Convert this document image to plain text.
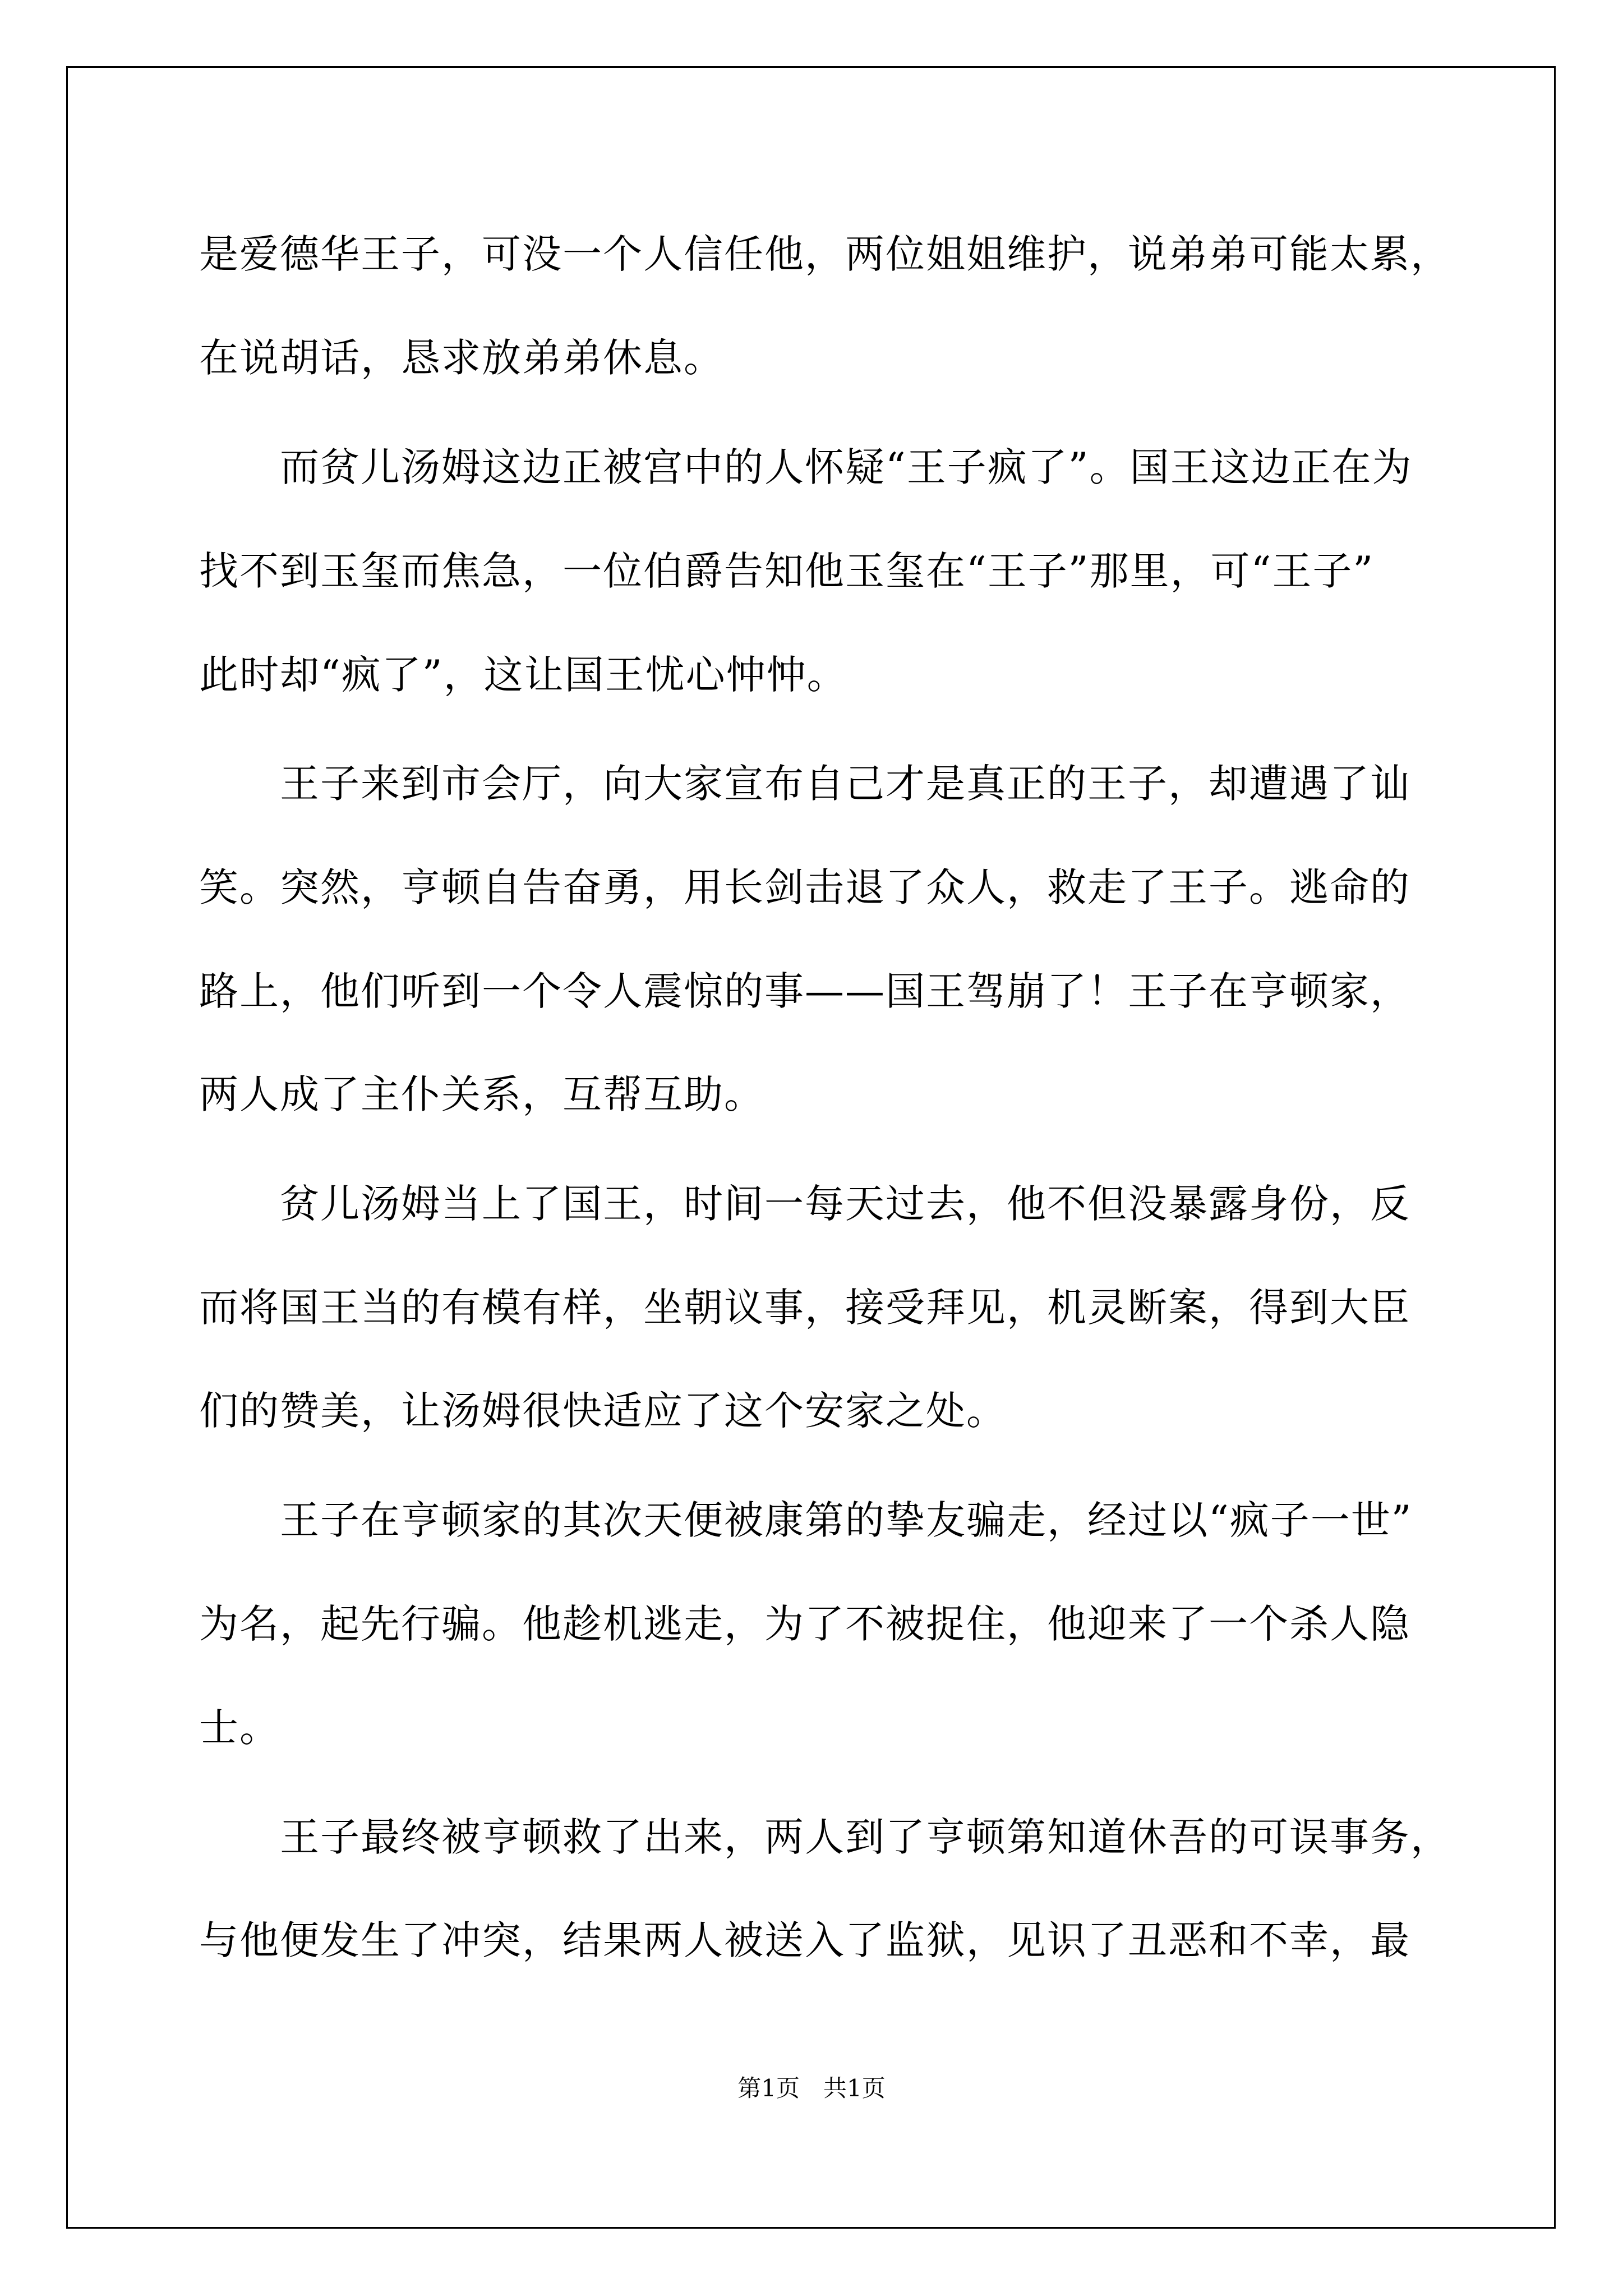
是爱德华王子，可没一个人信任他，两位姐姐维护，说弟弟可能太累，
在说胡话，恳求放弟弟休息。
　　而贫儿汤姆这边正被宫中的人怀疑“王子疯了”。国王这边正在为
找不到玉玺而焦急，一位伯爵告知他玉玺在“王子”那里，可“王子”
此时却“疯了”，这让国王忧心忡忡。
　　王子来到市会厅，向大家宣布自己才是真正的王子，却遭遇了讪
笑。突然，亨顿自告奋勇，用长剑击退了众人，救走了王子。逃命的
路上，他们听到一个令人震惊的事——国王驾崩了！王子在亨顿家，
两人成了主仆关系，互帮互助。
　　贫儿汤姆当上了国王，时间一每天过去，他不但没暴露身份，反
而将国王当的有模有样，坐朝议事，接受拜见，机灵断案，得到大臣
们的赞美，让汤姆很快适应了这个安家之处。
　　王子在亨顿家的其次天便被康第的挚友骗走，经过以“疯子一世”
为名，起先行骗。他趁机逃走，为了不被捉住，他迎来了一个杀人隐
士。
　　王子最终被亨顿救了出来，两人到了亨顿第知道休吾的可误事务，
与他便发生了冲突，结果两人被送入了监狱，见识了丑恶和不幸，最
第1页　共1页
